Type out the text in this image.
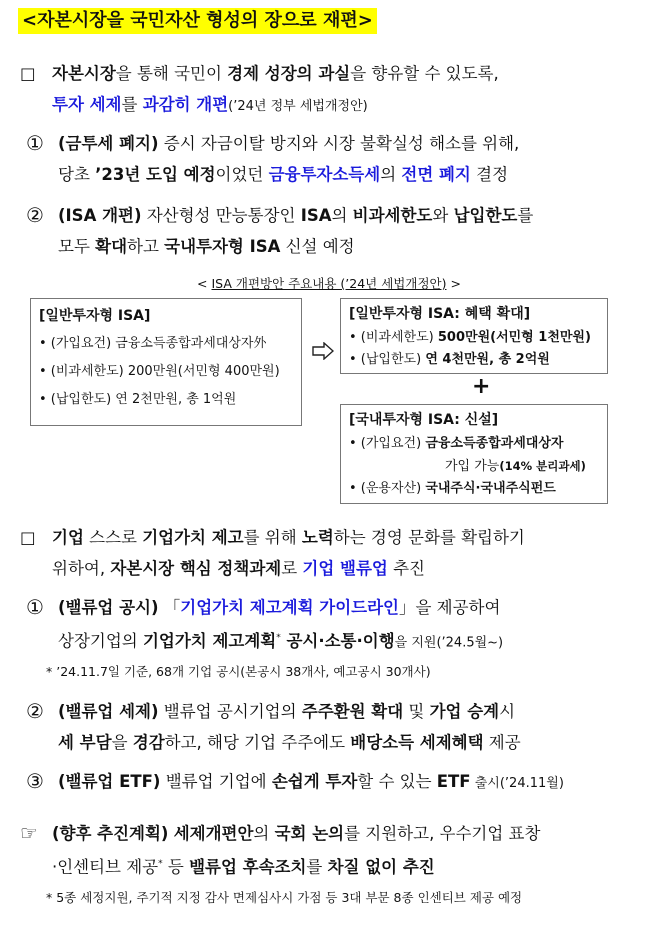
<자본시장을 국민자산 형성의 장으로 재편>
□ 자본시장을 통해 국민이 경제 성장의 과실을 향유할 수 있도록,
투자 세제를 과감히 개편(’24년 정부 세법개정안)
① (금투세 폐지) 증시 자금이탈 방지와 시장 불확실성 해소를 위해,
당초 ’23년 도입 예정이었던 금융투자소득세의 전면 폐지 결정
② (ISA 개편) 자산형성 만능통장인 ISA의 비과세한도와 납입한도를
모두 확대하고 국내투자형 ISA 신설 예정
< ISA 개편방안 주요내용 (’24년 세법개정안) >
[일반투자형 ISA]
• (가입요건) 금융소득종합과세대상자外
• (비과세한도) 200만원(서민형 400만원)
• (납입한도) 연 2천만원, 총 1억원
[일반투자형 ISA: 혜택 확대]
• (비과세한도) 500만원(서민형 1천만원)
• (납입한도) 연 4천만원, 총 2억원
+
[국내투자형 ISA: 신설]
• (가입요건) 금융소득종합과세대상자
가입 가능(14% 분리과세)
• (운용자산) 국내주식·국내주식펀드
□ 기업 스스로 기업가치 제고를 위해 노력하는 경영 문화를 확립하기
위하여, 자본시장 핵심 정책과제로 기업 밸류업 추진
① (밸류업 공시) 「기업가치 제고계획 가이드라인」을 제공하여
상장기업의 기업가치 제고계획* 공시·소통·이행을 지원(’24.5월~)
* ’24.11.7일 기준, 68개 기업 공시(본공시 38개사, 예고공시 30개사)
② (밸류업 세제) 밸류업 공시기업의 주주환원 확대 및 가업 승계시
세 부담을 경감하고, 해당 기업 주주에도 배당소득 세제혜택 제공
③ (밸류업 ETF) 밸류업 기업에 손쉽게 투자할 수 있는 ETF 출시(’24.11월)
☞ (향후 추진계획) 세제개편안의 국회 논의를 지원하고, 우수기업 표창
·인센티브 제공* 등 밸류업 후속조치를 차질 없이 추진
* 5종 세정지원, 주기적 지정 감사 면제심사시 가점 등 3대 부문 8종 인센티브 제공 예정
